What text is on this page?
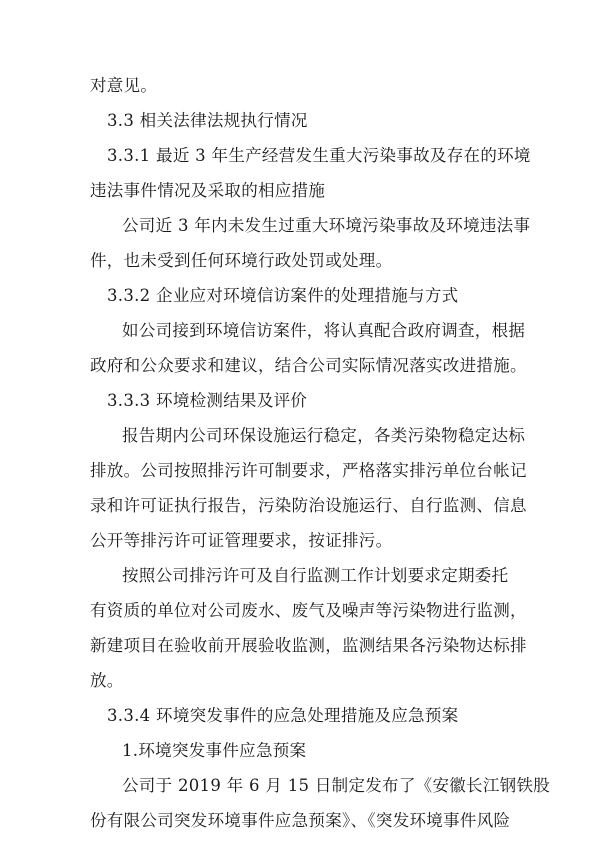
对意见。
3.3 相关法律法规执行情况
3.3.1 最近 3 年生产经营发生重大污染事故及存在的环境
违法事件情况及采取的相应措施
公司近 3 年内未发生过重大环境污染事故及环境违法事
件，也未受到任何环境行政处罚或处理。
3.3.2 企业应对环境信访案件的处理措施与方式
如公司接到环境信访案件，将认真配合政府调查，根据
政府和公众要求和建议，结合公司实际情况落实改进措施。
3.3.3 环境检测结果及评价
报告期内公司环保设施运行稳定，各类污染物稳定达标
排放。公司按照排污许可制要求，严格落实排污单位台帐记
录和许可证执行报告，污染防治设施运行、自行监测、信息
公开等排污许可证管理要求，按证排污。
按照公司排污许可及自行监测工作计划要求定期委托
有资质的单位对公司废水、废气及噪声等污染物进行监测，
新建项目在验收前开展验收监测，监测结果各污染物达标排
放。
3.3.4 环境突发事件的应急处理措施及应急预案
1.环境突发事件应急预案
公司于 2019 年 6 月 15 日制定发布了《安徽长江钢铁股
份有限公司突发环境事件应急预案》、《突发环境事件风险
